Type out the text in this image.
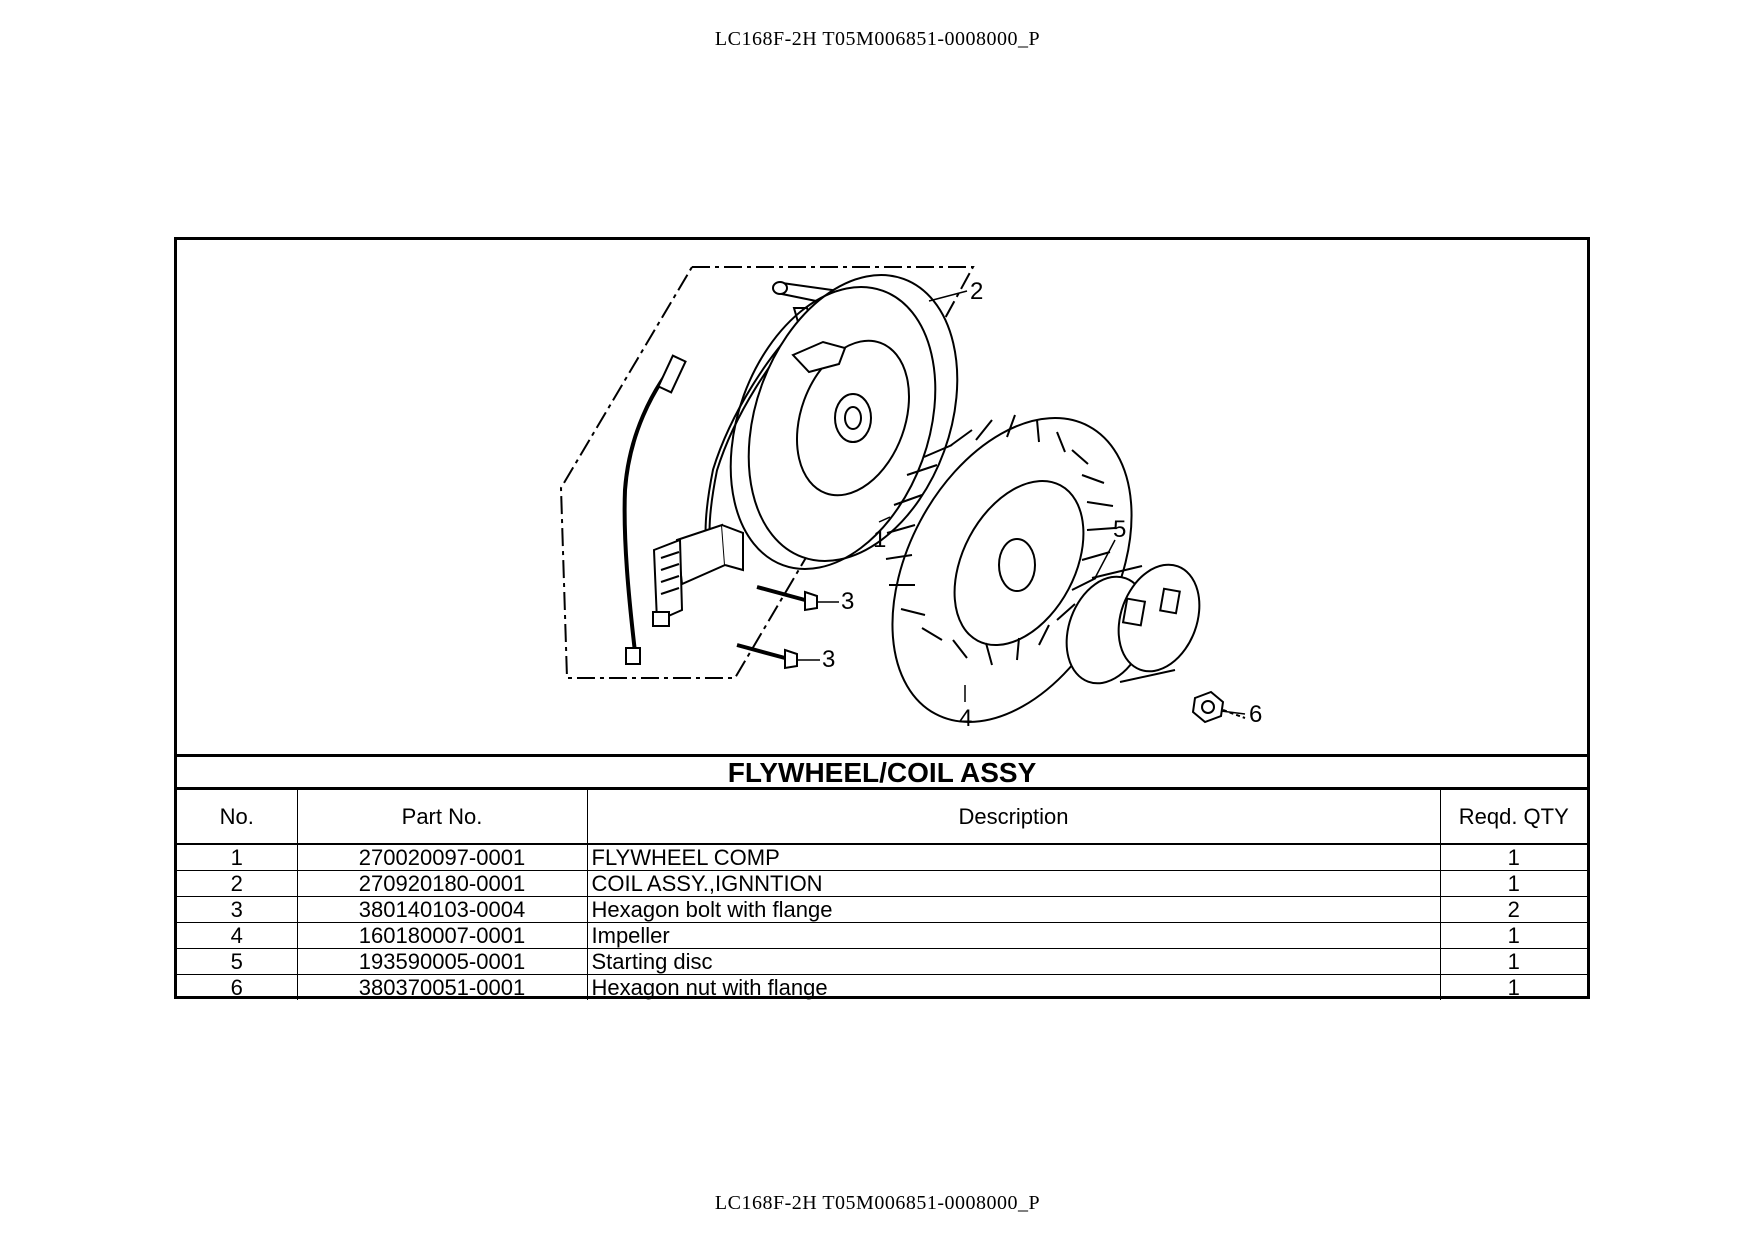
LC168F-2H T05M006851-0008000_P
2
1
3
3
4
5
6
FLYWHEEL/COIL ASSY
No.	Part No.	Description	Reqd. QTY
1	270020097-0001	FLYWHEEL COMP	1
2	270920180-0001	COIL ASSY.,IGNNTION	1
3	380140103-0004	Hexagon bolt with flange	2
4	160180007-0001	Impeller	1
5	193590005-0001	Starting disc	1
6	380370051-0001	Hexagon nut with flange	1
LC168F-2H T05M006851-0008000_P
